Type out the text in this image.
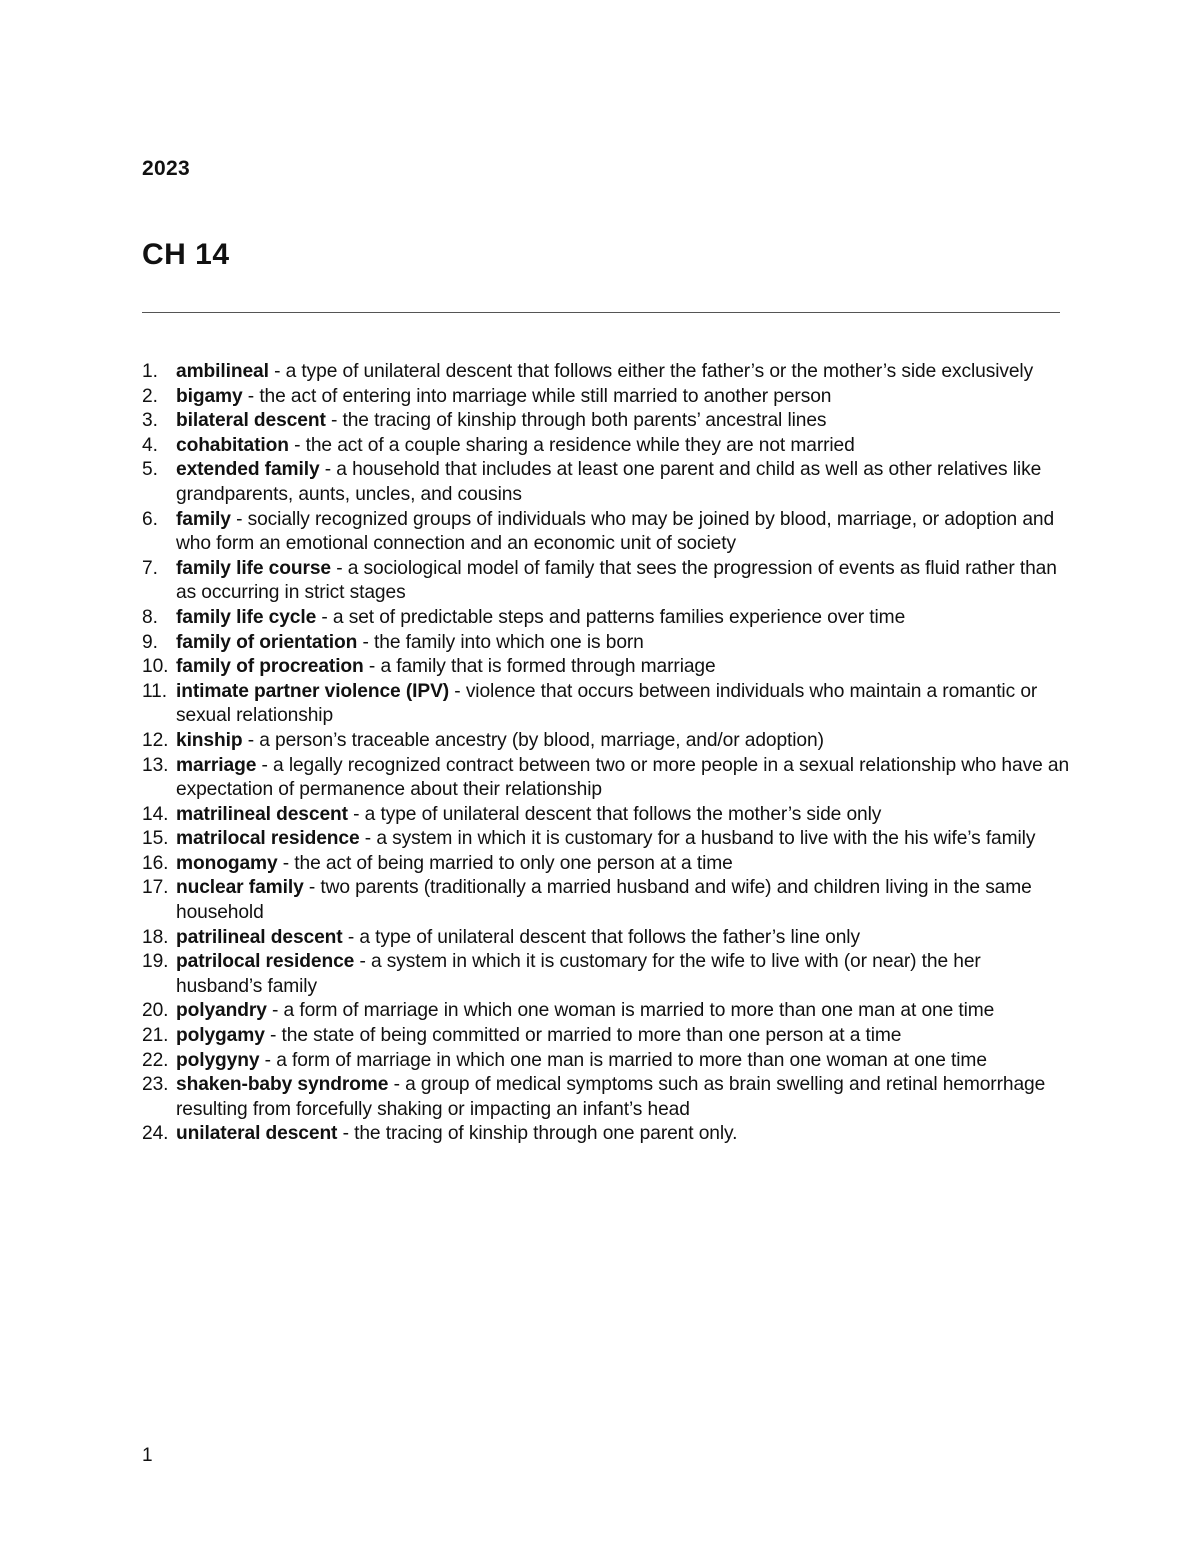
2023
CH 14
1. ambilineal - a type of unilateral descent that follows either the father’s or the mother’s side exclusively
2. bigamy - the act of entering into marriage while still married to another person
3. bilateral descent - the tracing of kinship through both parents’ ancestral lines
4. cohabitation - the act of a couple sharing a residence while they are not married
5. extended family - a household that includes at least one parent and child as well as other relatives like grandparents, aunts, uncles, and cousins
6. family - socially recognized groups of individuals who may be joined by blood, marriage, or adoption and who form an emotional connection and an economic unit of society
7. family life course - a sociological model of family that sees the progression of events as fluid rather than as occurring in strict stages
8. family life cycle - a set of predictable steps and patterns families experience over time
9. family of orientation - the family into which one is born
10. family of procreation - a family that is formed through marriage
11. intimate partner violence (IPV) - violence that occurs between individuals who maintain a romantic or sexual relationship
12. kinship - a person’s traceable ancestry (by blood, marriage, and/or adoption)
13. marriage - a legally recognized contract between two or more people in a sexual relationship who have an expectation of permanence about their relationship
14. matrilineal descent - a type of unilateral descent that follows the mother’s side only
15. matrilocal residence - a system in which it is customary for a husband to live with the his wife’s family
16. monogamy - the act of being married to only one person at a time
17. nuclear family - two parents (traditionally a married husband and wife) and children living in the same household
18. patrilineal descent - a type of unilateral descent that follows the father’s line only
19. patrilocal residence - a system in which it is customary for the wife to live with (or near) the her husband’s family
20. polyandry - a form of marriage in which one woman is married to more than one man at one time
21. polygamy - the state of being committed or married to more than one person at a time
22. polygyny - a form of marriage in which one man is married to more than one woman at one time
23. shaken-baby syndrome - a group of medical symptoms such as brain swelling and retinal hemorrhage resulting from forcefully shaking or impacting an infant’s head
24. unilateral descent - the tracing of kinship through one parent only.
1
